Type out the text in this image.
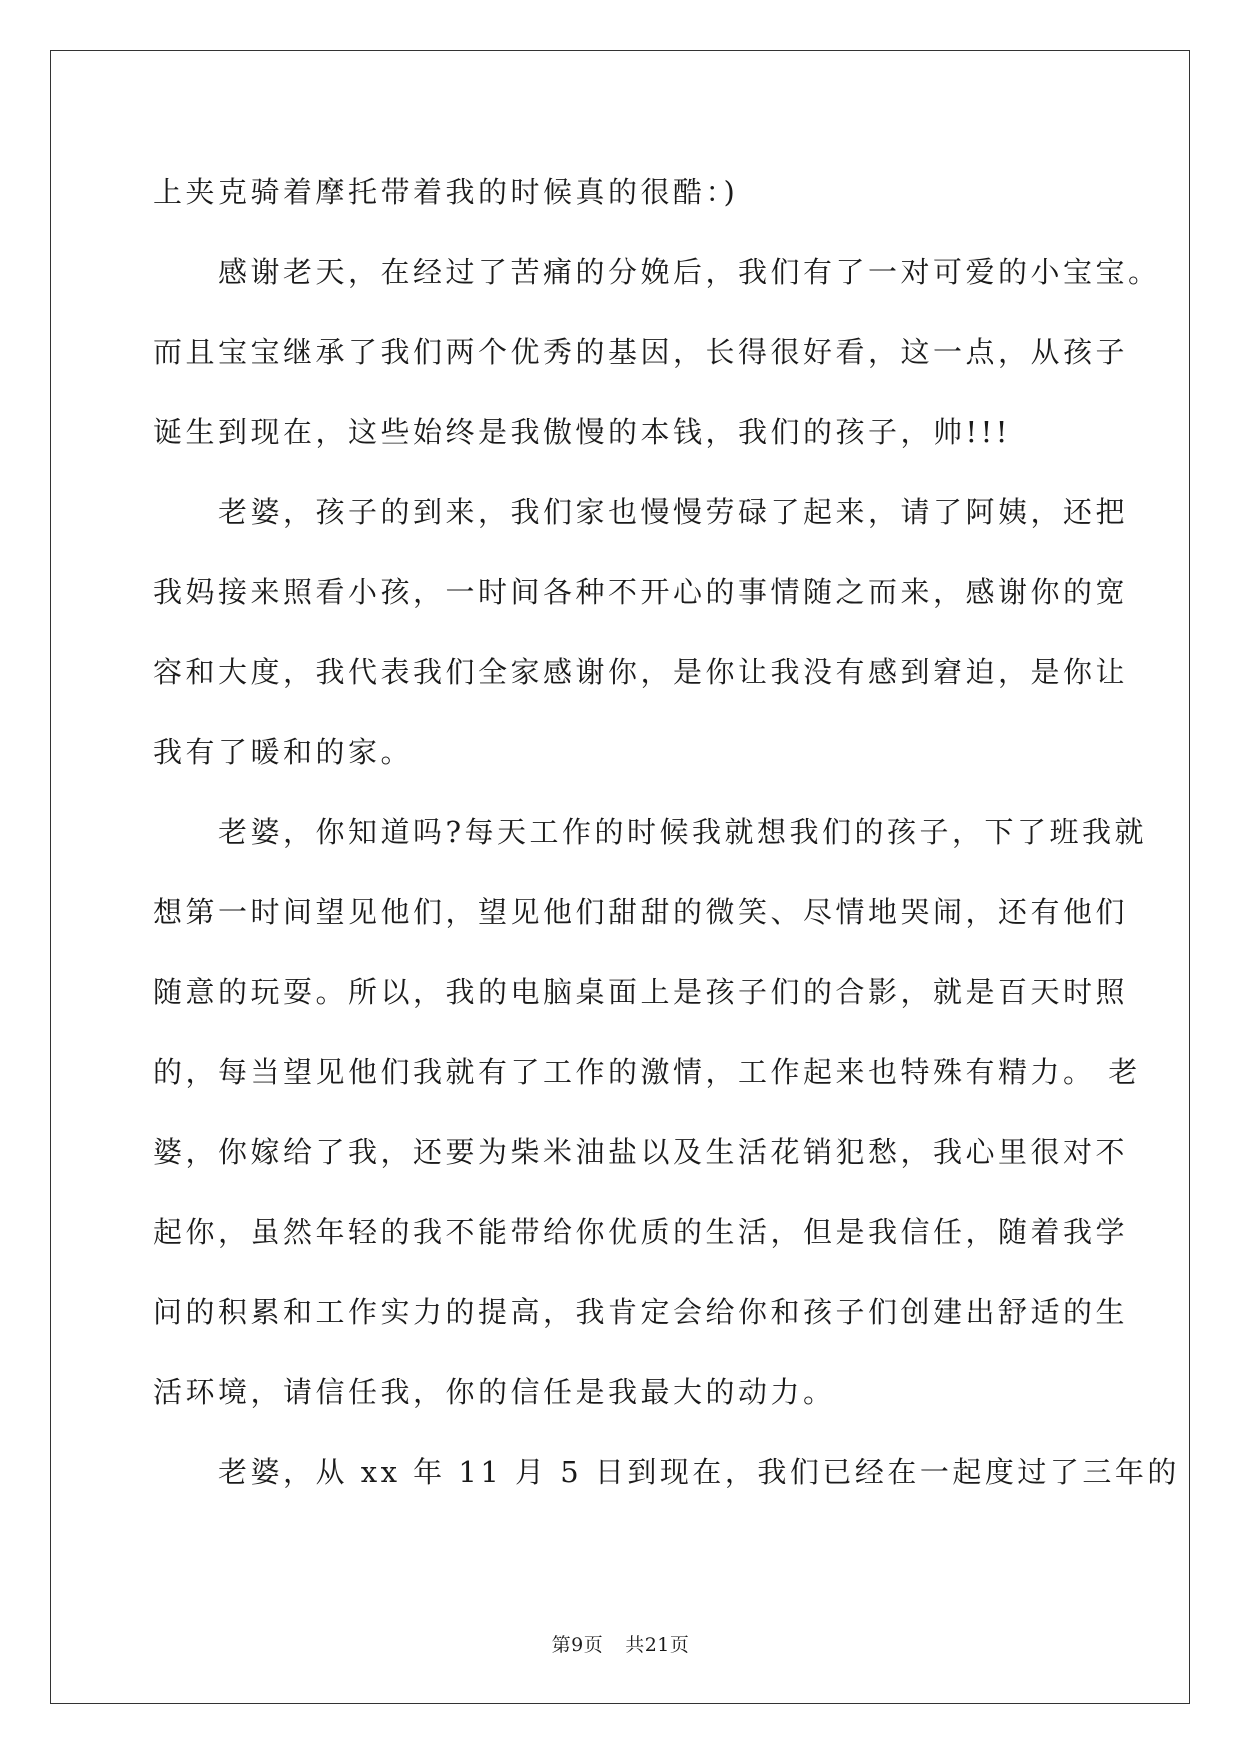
上夹克骑着摩托带着我的时候真的很酷：)
　　感谢老天，在经过了苦痛的分娩后，我们有了一对可爱的小宝宝。
而且宝宝继承了我们两个优秀的基因，长得很好看，这一点，从孩子
诞生到现在，这些始终是我傲慢的本钱，我们的孩子，帅!!!
　　老婆，孩子的到来，我们家也慢慢劳碌了起来，请了阿姨，还把
我妈接来照看小孩，一时间各种不开心的事情随之而来，感谢你的宽
容和大度，我代表我们全家感谢你，是你让我没有感到窘迫，是你让
我有了暖和的家。
　　老婆，你知道吗?每天工作的时候我就想我们的孩子，下了班我就
想第一时间望见他们，望见他们甜甜的微笑、尽情地哭闹，还有他们
随意的玩耍。所以，我的电脑桌面上是孩子们的合影，就是百天时照
的，每当望见他们我就有了工作的激情，工作起来也特殊有精力。 老
婆，你嫁给了我，还要为柴米油盐以及生活花销犯愁，我心里很对不
起你，虽然年轻的我不能带给你优质的生活，但是我信任，随着我学
问的积累和工作实力的提高，我肯定会给你和孩子们创建出舒适的生
活环境，请信任我，你的信任是我最大的动力。
　　老婆，从 xx 年 11 月 5 日到现在，我们已经在一起度过了三年的
第9页 共21页
